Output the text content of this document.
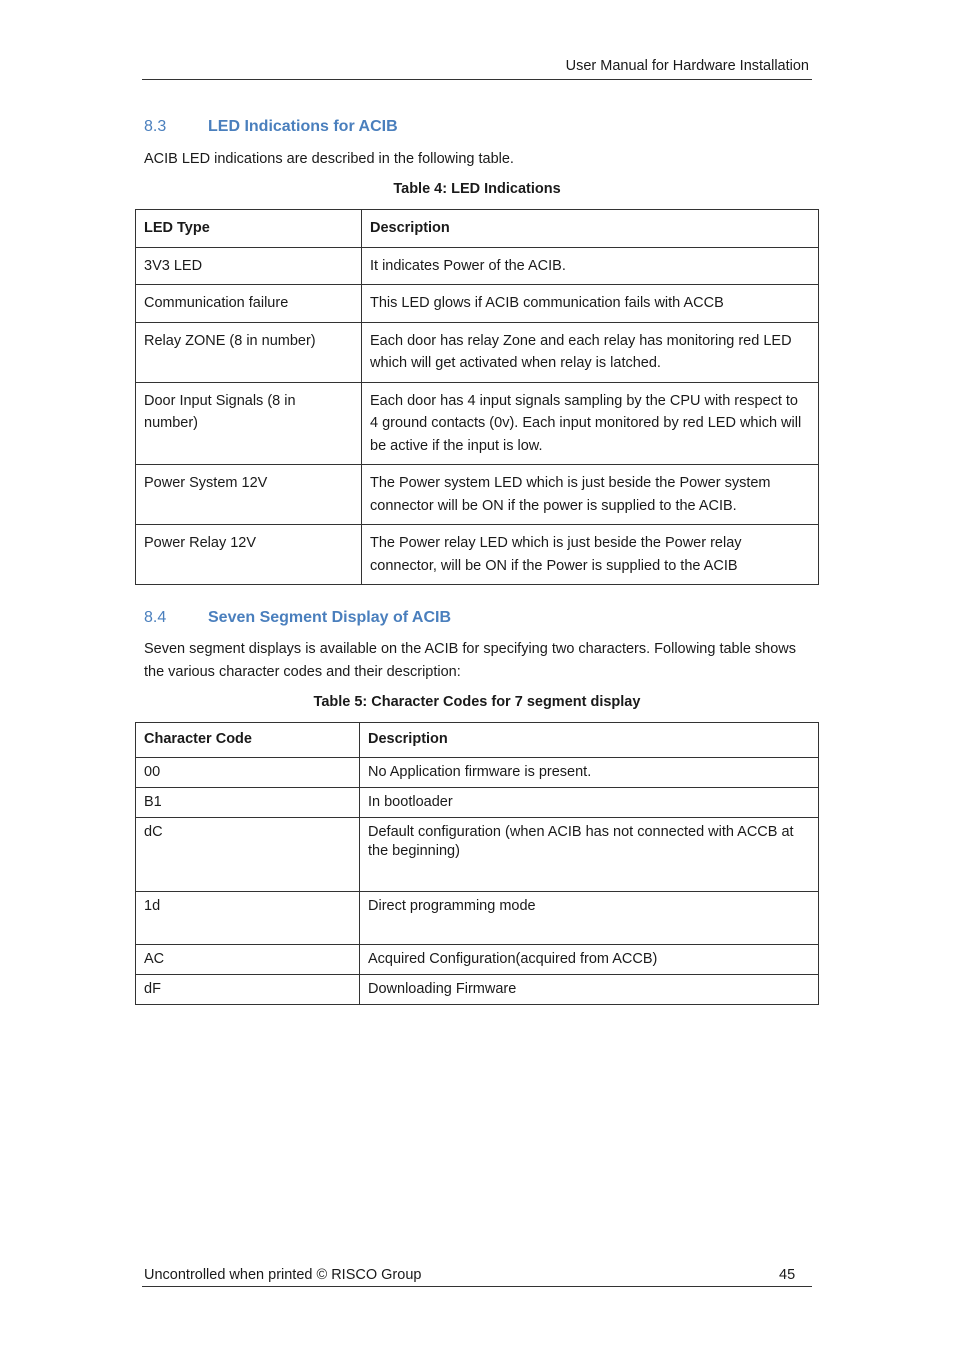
User Manual for Hardware Installation
8.3	LED Indications for ACIB
ACIB LED indications are described in the following table.
Table 4: LED Indications
LED Type	Description
3V3 LED	It indicates Power of the ACIB.
Communication failure	This LED glows if ACIB communication fails with ACCB
Relay ZONE (8 in number)	Each door has relay Zone and each relay has monitoring red LED which will get activated when relay is latched.
Door Input Signals (8 in number)	Each door has 4 input signals sampling by the CPU with respect to 4 ground contacts (0v). Each input monitored by red LED which will be active if the input is low.
Power System 12V	The Power system LED which is just beside the Power system connector will be ON if the power is supplied to the ACIB.
Power Relay 12V	The Power relay LED which is just beside the Power relay connector, will be ON if the Power is supplied to the ACIB
8.4	Seven Segment Display of ACIB
Seven segment displays is available on the ACIB for specifying two characters. Following table shows the various character codes and their description:
Table 5: Character Codes for 7 segment display
Character Code	Description
00	No Application firmware is present.
B1	In bootloader
dC	Default configuration (when ACIB has not connected with ACCB at the beginning)
1d	Direct programming mode
AC	Acquired Configuration(acquired from ACCB)
dF	Downloading Firmware
Uncontrolled when printed © RISCO Group	45
